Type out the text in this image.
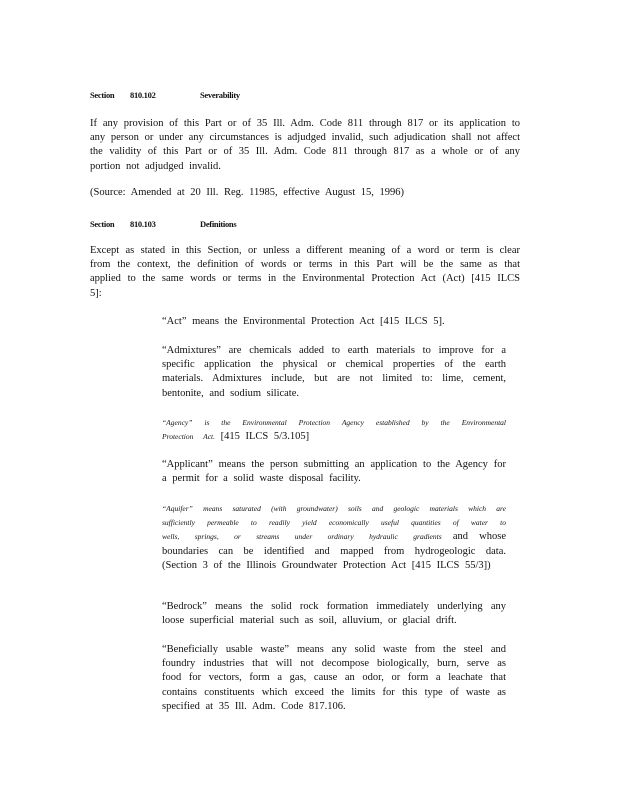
Section 810.102	Severability
If any provision of this Part or of 35 Ill. Adm. Code 811 through 817 or its application to any person or under any circumstances is adjudged invalid, such adjudication shall not affect the validity of this Part or of 35 Ill. Adm. Code 811 through 817 as a whole or of any portion not adjudged invalid.
(Source: Amended at 20 Ill. Reg. 11985, effective August 15, 1996)
Section 810.103	Definitions
Except as stated in this Section, or unless a different meaning of a word or term is clear from the context, the definition of words or terms in this Part will be the same as that applied to the same words or terms in the Environmental Protection Act (Act) [415 ILCS 5]:
“Act” means the Environmental Protection Act [415 ILCS 5].
“Admixtures” are chemicals added to earth materials to improve for a specific application the physical or chemical properties of the earth materials. Admixtures include, but are not limited to: lime, cement, bentonite, and sodium silicate.
“Agency” is the Environmental Protection Agency established by the Environmental Protection Act. [415 ILCS 5/3.105]
“Applicant” means the person submitting an application to the Agency for a permit for a solid waste disposal facility.
“Aquifer” means saturated (with groundwater) soils and geologic materials which are sufficiently permeable to readily yield economically useful quantities of water to wells, springs, or streams under ordinary hydraulic gradients and whose boundaries can be identified and mapped from hydrogeologic data. (Section 3 of the Illinois Groundwater Protection Act [415 ILCS 55/3])
“Bedrock” means the solid rock formation immediately underlying any loose superficial material such as soil, alluvium, or glacial drift.
“Beneficially usable waste” means any solid waste from the steel and foundry industries that will not decompose biologically, burn, serve as food for vectors, form a gas, cause an odor, or form a leachate that contains constituents which exceed the limits for this type of waste as specified at 35 Ill. Adm. Code 817.106.
